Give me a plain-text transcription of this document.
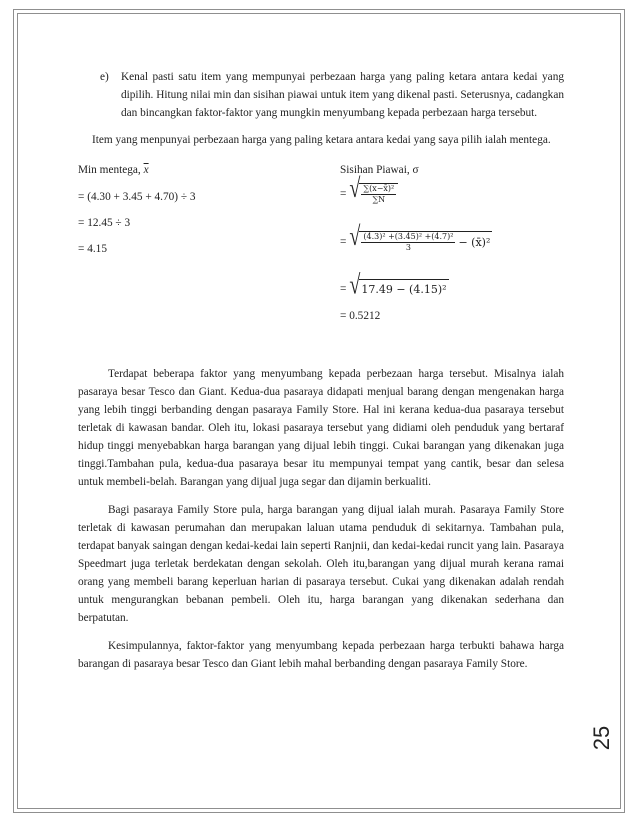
e)	Kenal pasti satu item yang mempunyai perbezaan harga yang paling ketara antara kedai yang dipilih. Hitung nilai min dan sisihan piawai untuk item yang dikenal pasti. Seterusnya, cadangkan dan bincangkan faktor-faktor yang mungkin menyumbang kepada perbezaan harga tersebut.

Item yang menpunyai perbezaan harga yang paling ketara antara kedai yang saya pilih ialah mentega.

Min mentega, $\overline{x}$
= (4.30 + 3.45 + 4.70) ÷ 3
= 12.45 ÷ 3
= 4.15
Sisihan Piawai, σ
= √ $\frac{\text{∑(x−x̄)²}}{\sum N}$
= √ $\frac{\text{(4.3)² +(3.45)² +(4.7)²}}{3}$ − (x̄)²
= √ 17.49 − (4.15)²
= 0.5212

Terdapat beberapa faktor yang menyumbang kepada perbezaan harga tersebut. Misalnya ialah pasaraya besar Tesco dan Giant. Kedua-dua pasaraya didapati menjual barang dengan mengenakan harga yang lebih tinggi berbanding dengan pasaraya Family Store. Hal ini kerana kedua-dua pasaraya tersebut terletak di kawasan bandar. Oleh itu, lokasi pasaraya tersebut yang didiami oleh penduduk yang bertaraf hidup tinggi menyebabkan harga barangan yang dijual lebih tinggi. Cukai barangan yang dikenakan juga tinggi.Tambahan pula, kedua-dua pasaraya besar itu mempunyai tempat yang cantik, besar dan selesa untuk membeli-belah. Barangan yang dijual juga segar dan dijamin berkualiti.

Bagi pasaraya Family Store pula, harga barangan yang dijual ialah murah. Pasaraya Family Store terletak di kawasan perumahan dan merupakan laluan utama penduduk di sekitarnya. Tambahan pula, terdapat banyak saingan dengan kedai-kedai lain seperti Ranjnii, dan kedai-kedai runcit yang lain. Pasaraya Speedmart juga terletak berdekatan dengan sekolah. Oleh itu,barangan yang dijual murah kerana ramai orang yang membeli barang keperluan harian di pasaraya tersebut. Cukai yang dikenakan adalah rendah untuk mengurangkan bebanan pembeli. Oleh itu, harga barangan yang dikenakan sederhana dan berpatutan.

Kesimpulannya, faktor-faktor yang menyumbang kepada perbezaan harga terbukti bahawa harga barangan di pasaraya besar Tesco dan Giant lebih mahal berbanding dengan pasaraya Family Store.

25
